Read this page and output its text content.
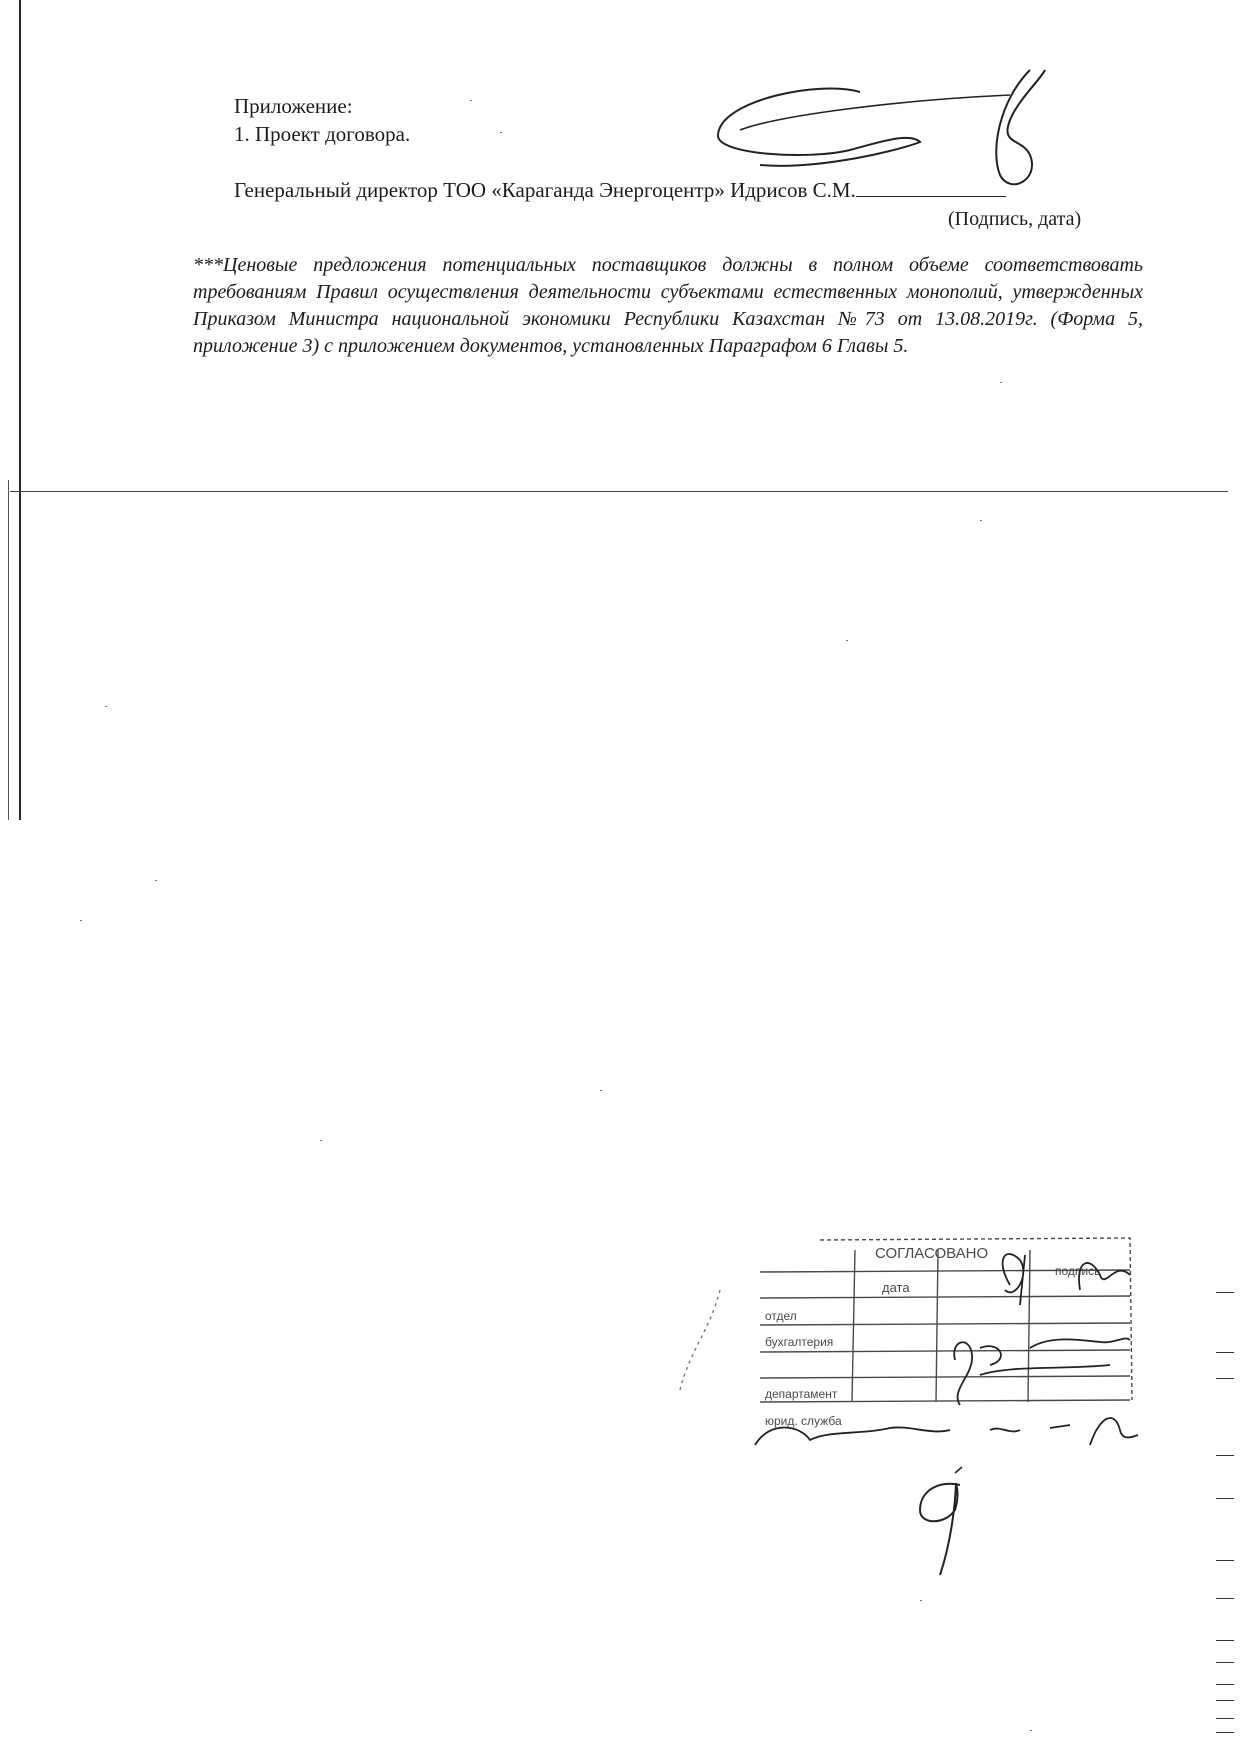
Приложение:
1. Проект договора.
Генеральный директор ТОО «Караганда Энергоцентр» Идрисов С.М.
(Подпись, дата)
***Ценовые предложения потенциальных поставщиков должны в полном объеме соответствовать требованиям Правил осуществления деятельности субъектами естественных монополий, утвержденных Приказом Министра национальной экономики Республики Казахстан №73 от 13.08.2019г. (Форма 5, приложение 3) с приложением документов, установленных Параграфом 6 Главы 5.
СОГЛАСОВАНО
дата
подпись
отдел
бухгалтерия
департамент
юрид. служба
